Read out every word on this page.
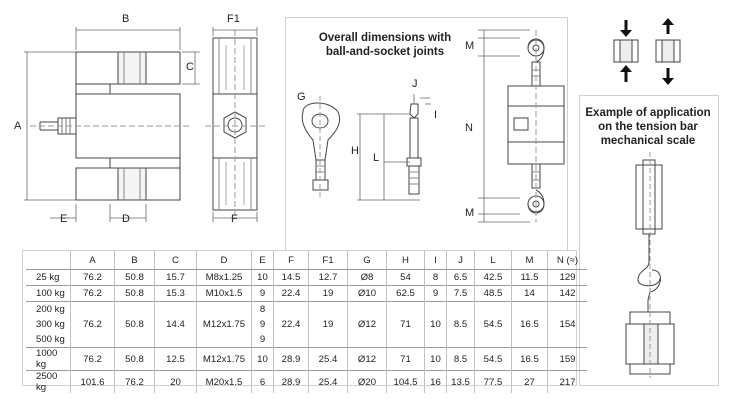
B	F1
C
A
E	D	F
Overall dimensions with
ball-and-socket joints
G
H
L
J
I
M
N
M
Example of application
on the tension bar
mechanical scale
	A	B	C	D	E	F	F1	G	H	I	J	L	M	N (≈)
25 kg	76.2	50.8	15.7	M8x1.25	10	14.5	12.7	Ø8	54	8	6.5	42.5	11.5	129
100 kg	76.2	50.8	15.3	M10x1.5	9	22.4	19	Ø10	62.5	9	7.5	48.5	14	142
200 kg					8									
300 kg	76.2	50.8	14.4	M12x1.75	9	22.4	19	Ø12	71	10	8.5	54.5	16.5	154
500 kg					9									
1000 kg	76.2	50.8	12.5	M12x1.75	10	28.9	25.4	Ø12	71	10	8.5	54.5	16.5	159
2500 kg	101.6	76.2	20	M20x1.5	6	28.9	25.4	Ø20	104.5	16	13.5	77.5	27	217
